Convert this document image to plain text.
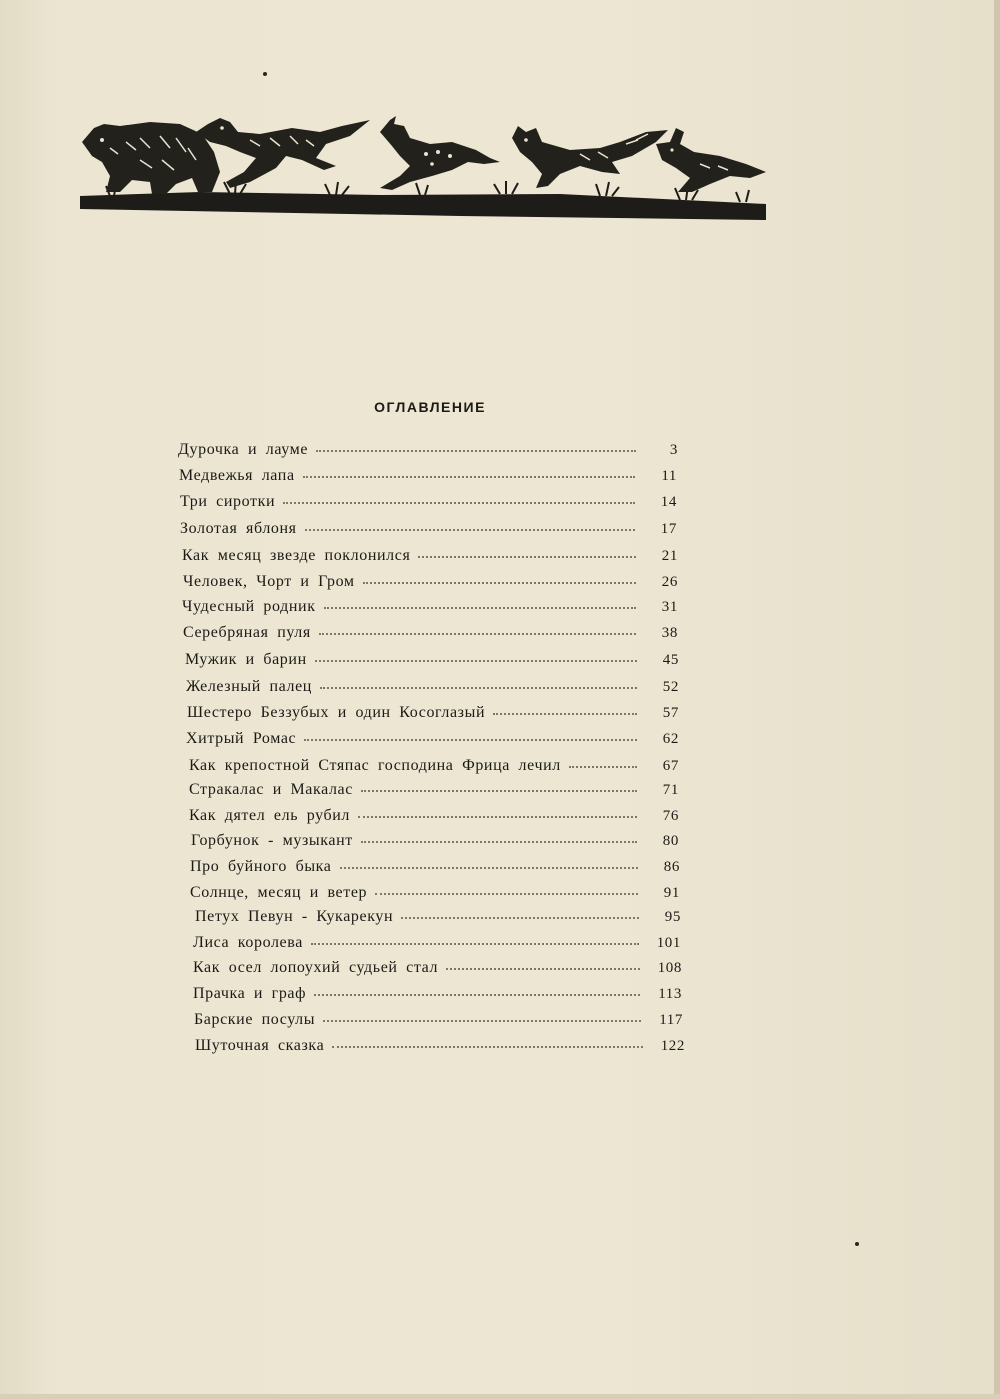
ОГЛАВЛЕНИЕ
Дурочка и лауме	3
Медвежья лапа	11
Три сиротки	14
Золотая яблоня	17
Как месяц звезде поклонился	21
Человек, Чорт и Гром	26
Чудесный родник	31
Серебряная пуля	38
Мужик и барин	45
Железный палец	52
Шестеро Беззубых и один Косоглазый	57
Хитрый Ромас	62
Как крепостной Стяпас господина Фрица лечил	67
Стракалас и Макалас	71
Как дятел ель рубил	76
Горбунок - музыкант	80
Про буйного быка	86
Солнце, месяц и ветер	91
Петух Певун - Кукарекун	95
Лиса королева	101
Как осел лопоухий судьей стал	108
Прачка и граф	113
Барские посулы	117
Шуточная сказка	122
